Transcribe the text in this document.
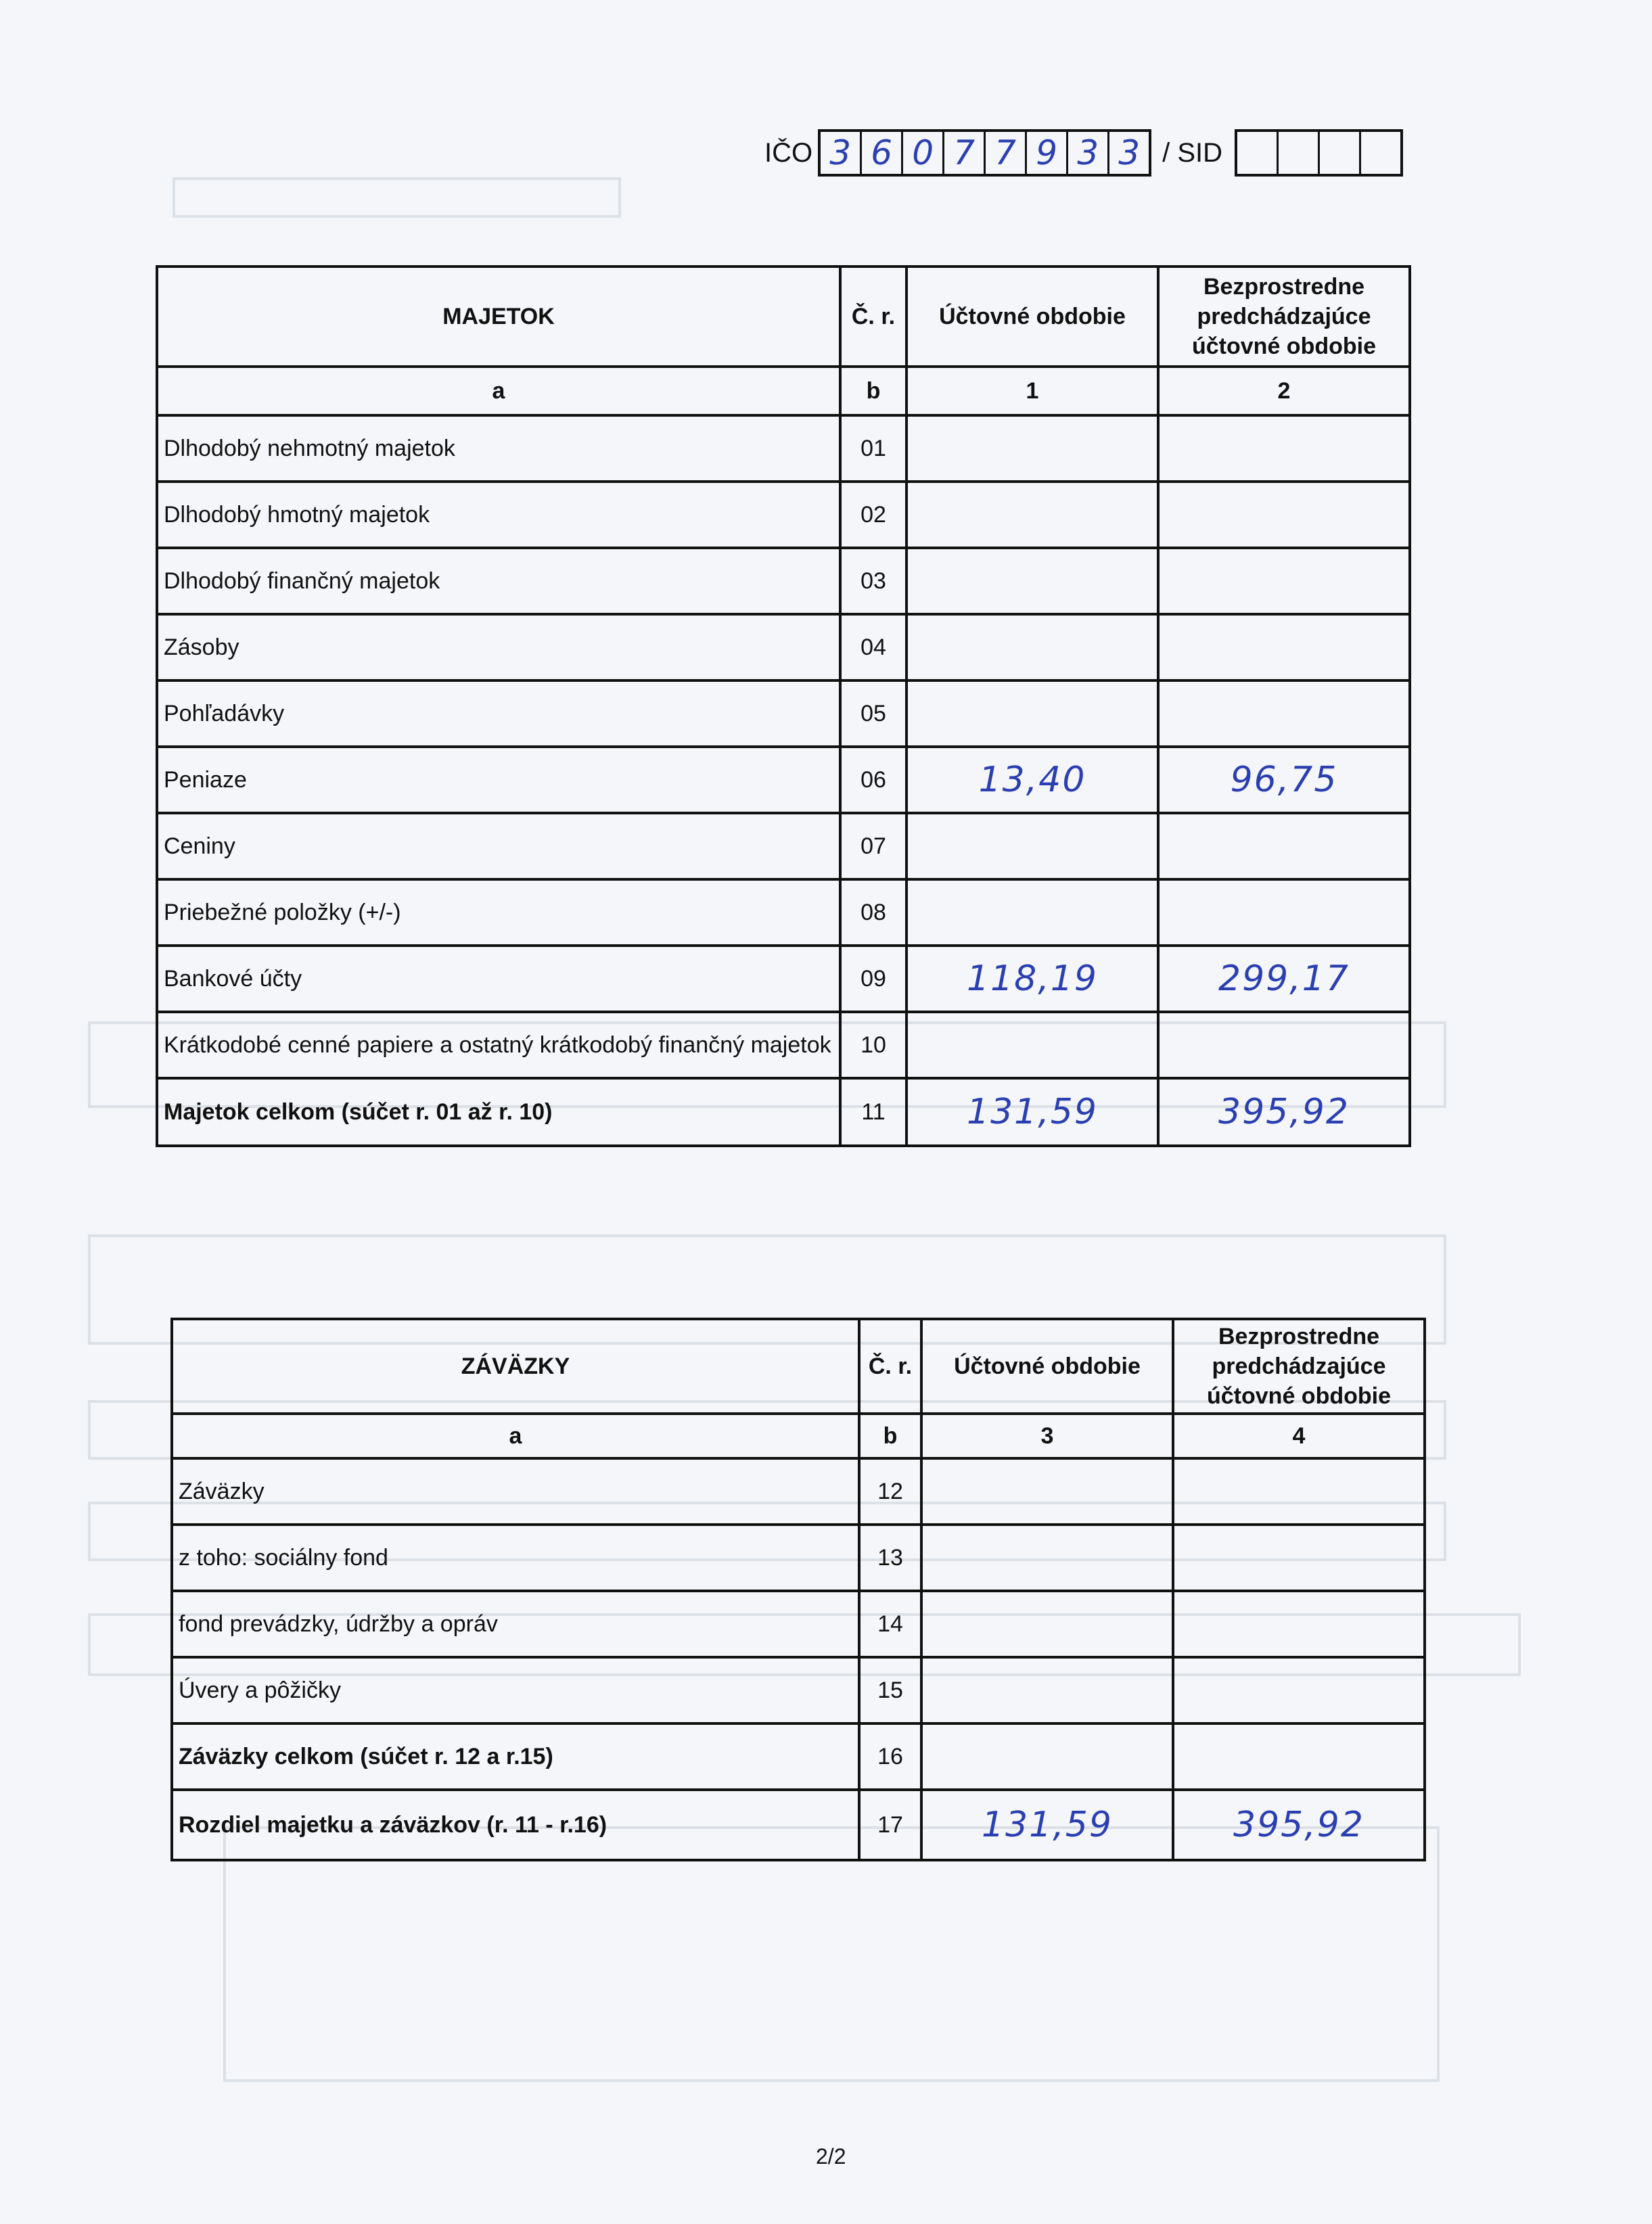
IČO 3 6 0 7 7 9 3 3 / SID
MAJETOK	Č. r.	Účtovné obdobie	Bezprostredne predchádzajúce účtovné obdobie
a	b	1	2
Dlhodobý nehmotný majetok	01	

Dlhodobý hmotný majetok	02	

Dlhodobý finančný majetok	03	

Zásoby	04	

Pohľadávky	05	

Peniaze	06	13,40	96,75

Ceniny	07	

Priebežné položky (+/-)	08	

Bankové účty	09	118,19	299,17

Krátkodobé cenné papiere a ostatný krátkodobý finančný majetok	10	

Majetok celkom (súčet r. 01 až r. 10)	11	131,59	395,92
ZÁVÄZKY	Č. r.	Účtovné obdobie	Bezprostredne predchádzajúce účtovné obdobie
a	b	3	4
Záväzky	12	

z toho: sociálny fond	13	

fond prevádzky, údržby a opráv	14	

Úvery a pôžičky	15	

Záväzky celkom (súčet r. 12 a r.15)	16	

Rozdiel majetku a záväzkov (r. 11 - r.16)	17	131,59	395,92
2/2
